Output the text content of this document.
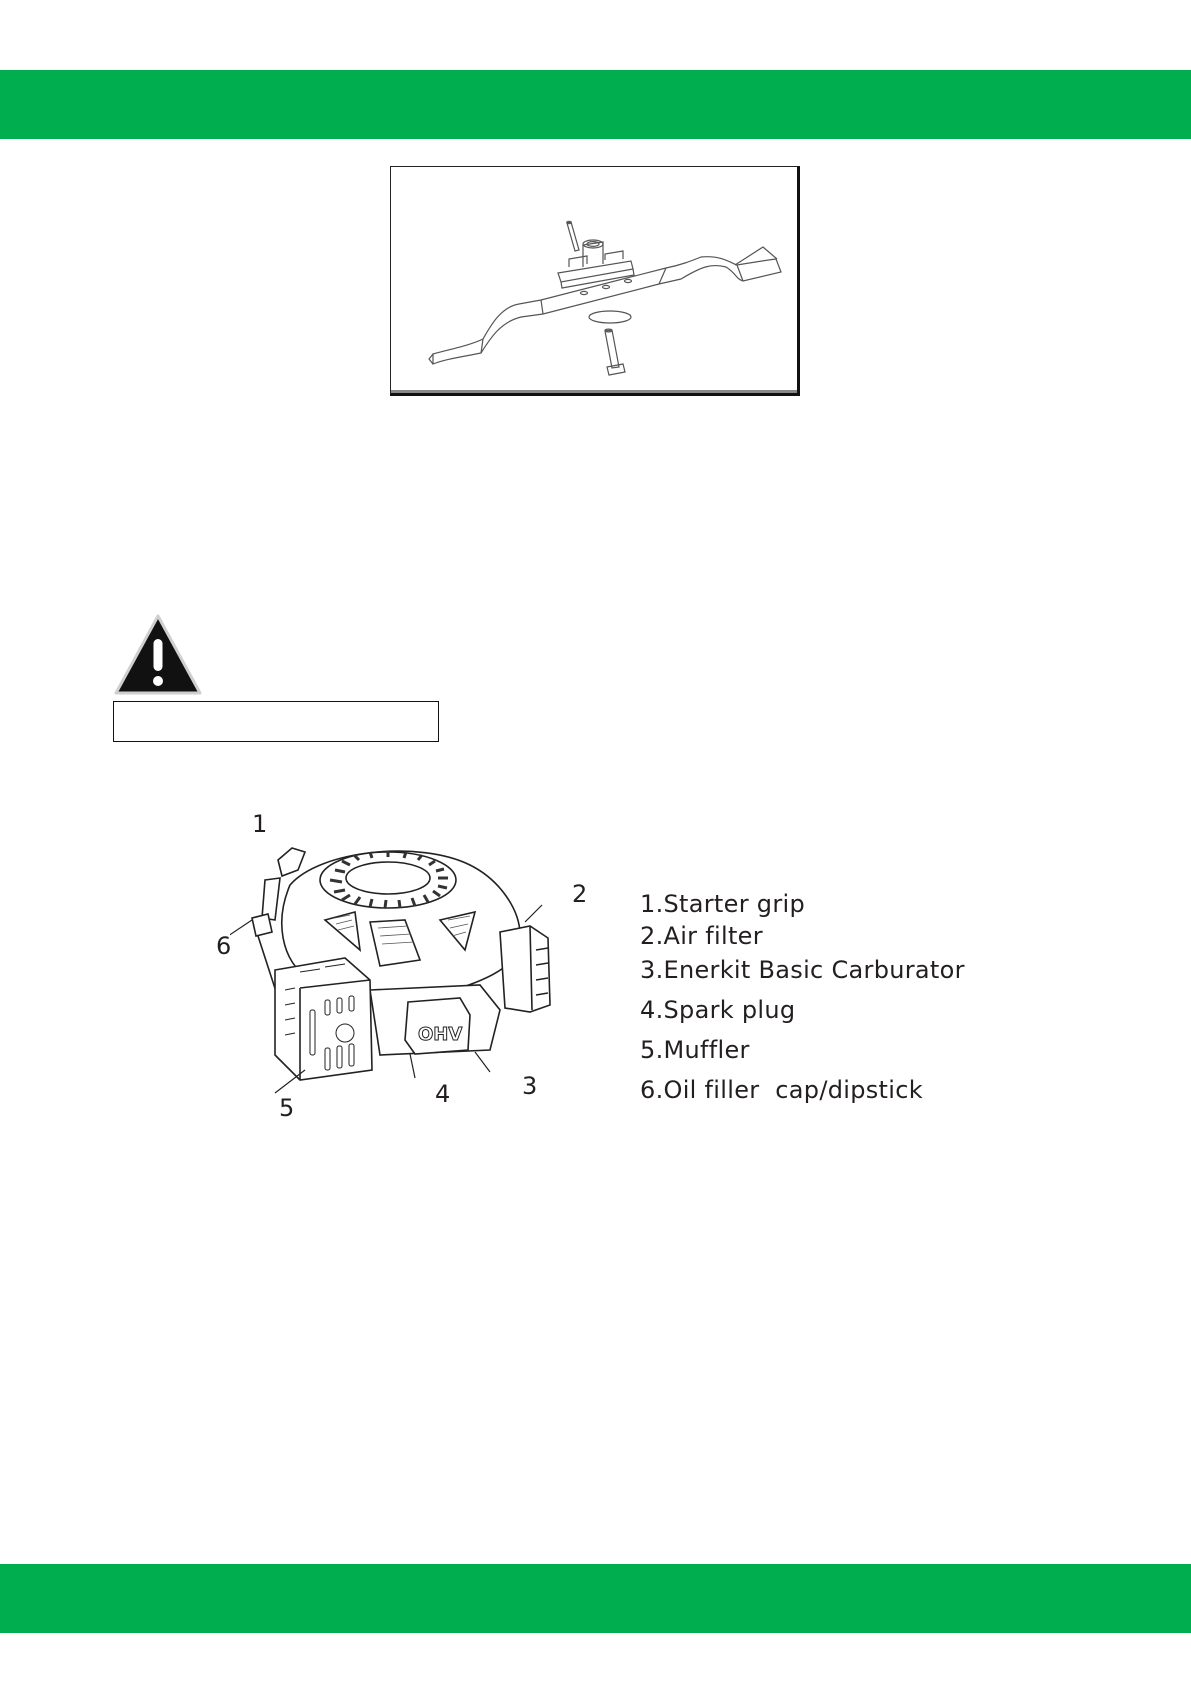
OHV
1
2
3
4
5
6
1.Starter grip
2.Air filter
3.Enerkit Basic Carburator
4.Spark plug
5.Muffler
6.Oil filler  cap/dipstick
